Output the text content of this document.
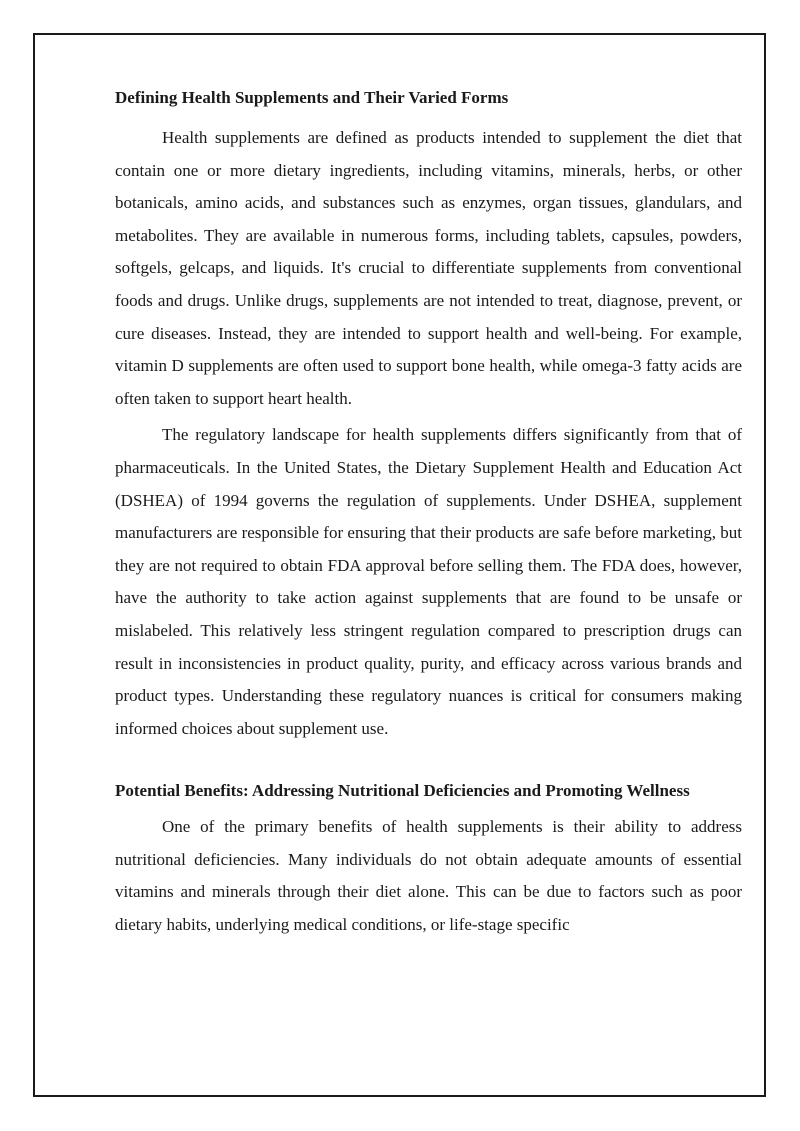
Defining Health Supplements and Their Varied Forms

Health supplements are defined as products intended to supplement the diet that contain one or more dietary ingredients, including vitamins, minerals, herbs, or other botanicals, amino acids, and substances such as enzymes, organ tissues, glandulars, and metabolites. They are available in numerous forms, including tablets, capsules, powders, softgels, gelcaps, and liquids. It's crucial to differentiate supplements from conventional foods and drugs. Unlike drugs, supplements are not intended to treat, diagnose, prevent, or cure diseases. Instead, they are intended to support health and well-being. For example, vitamin D supplements are often used to support bone health, while omega-3 fatty acids are often taken to support heart health.

The regulatory landscape for health supplements differs significantly from that of pharmaceuticals. In the United States, the Dietary Supplement Health and Education Act (DSHEA) of 1994 governs the regulation of supplements. Under DSHEA, supplement manufacturers are responsible for ensuring that their products are safe before marketing, but they are not required to obtain FDA approval before selling them. The FDA does, however, have the authority to take action against supplements that are found to be unsafe or mislabeled. This relatively less stringent regulation compared to prescription drugs can result in inconsistencies in product quality, purity, and efficacy across various brands and product types. Understanding these regulatory nuances is critical for consumers making informed choices about supplement use.

Potential Benefits: Addressing Nutritional Deficiencies and Promoting Wellness

One of the primary benefits of health supplements is their ability to address nutritional deficiencies. Many individuals do not obtain adequate amounts of essential vitamins and minerals through their diet alone. This can be due to factors such as poor dietary habits, underlying medical conditions, or life-stage specific
